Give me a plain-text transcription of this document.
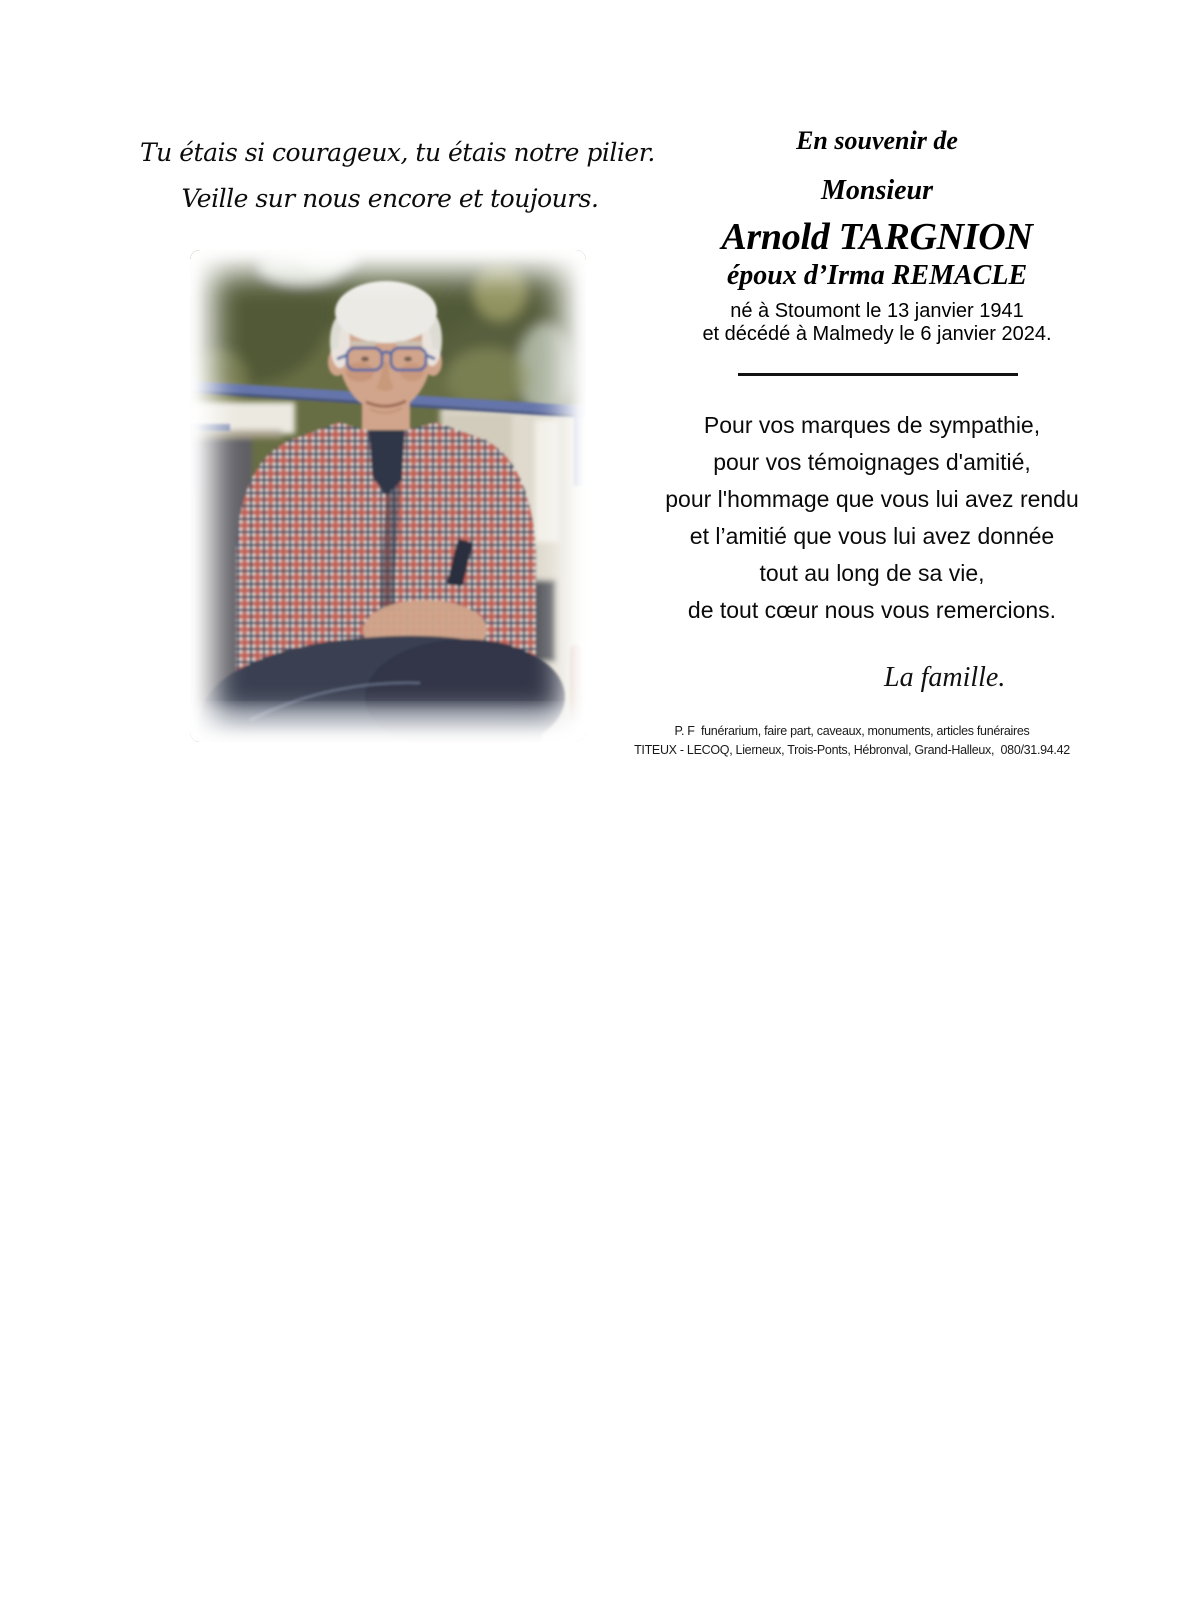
Tu étais si courageux, tu étais notre pilier.
Veille sur nous encore et toujours.
En souvenir de
Monsieur
Arnold TARGNION
époux d’Irma REMACLE
né à Stoumont le 13 janvier 1941
et décédé à Malmedy le 6 janvier 2024.
Pour vos marques de sympathie,
pour vos témoignages d'amitié,
pour l'hommage que vous lui avez rendu
et l’amitié que vous lui avez donnée
tout au long de sa vie,
de tout cœur nous vous remercions.
La famille.
P. F  funérarium, faire part, caveaux, monuments, articles funéraires
TITEUX - LECOQ, Lierneux, Trois-Ponts, Hébronval, Grand-Halleux,  080/31.94.42
